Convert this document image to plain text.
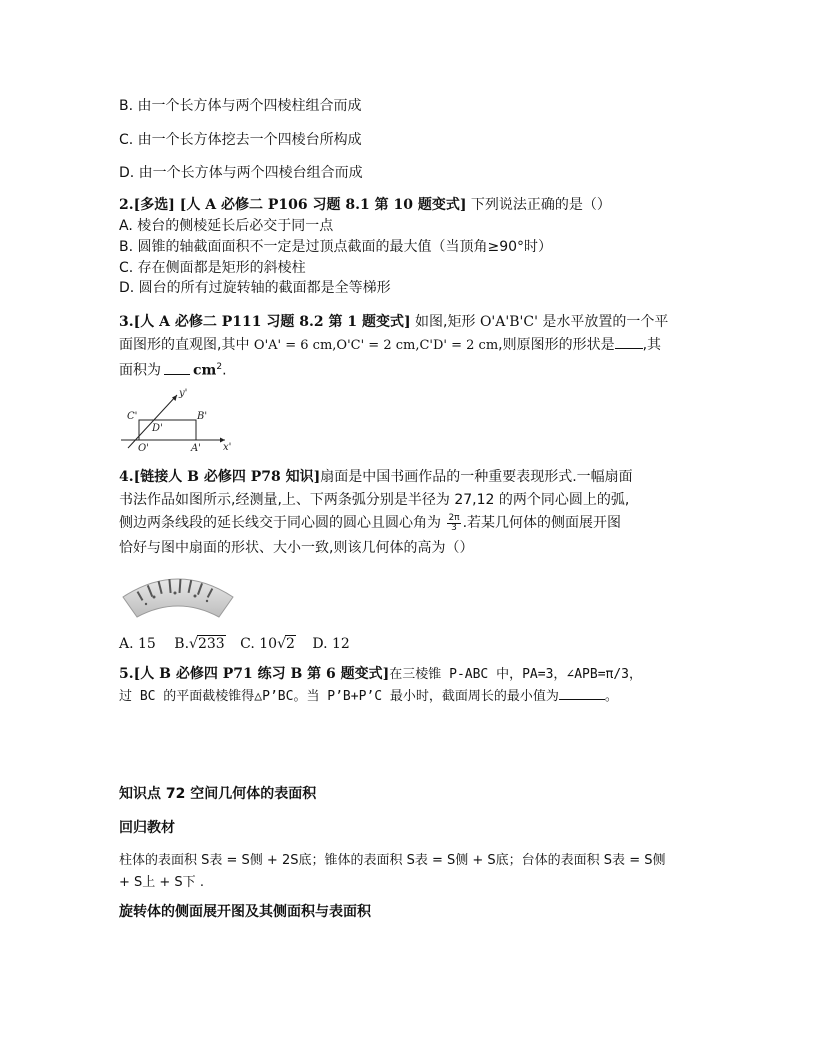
B. 由一个长方体与两个四棱柱组合而成
C. 由一个长方体挖去一个四棱台所构成
D. 由一个长方体与两个四棱台组合而成
2.[多选] [人 A 必修二 P106 习题 8.1 第 10 题变式] 下列说法正确的是（）
A. 棱台的侧棱延长后必交于同一点
B. 圆锥的轴截面面积不一定是过顶点截面的最大值（当顶角≥90°时）
C. 存在侧面都是矩形的斜棱柱
D. 圆台的所有过旋转轴的截面都是全等梯形
3.[人 A 必修二 P111 习题 8.2 第 1 题变式] 如图,矩形 O'A'B'C' 是水平放置的一个平
面图形的直观图,其中 O'A' = 6 cm,O'C' = 2 cm,C'D' = 2 cm,则原图形的形状是 ,其
面积为 $cm^2$.
y'
C'	B'
D'
O'	A' x'
4.[链接人 B 必修四 P78 知识]扇面是中国书画作品的一种重要表现形式.一幅扇面
书法作品如图所示,经测量,上、下两条弧分别是半径为 27,12 的两个同心圆上的弧,
侧边两条线段的延长线交于同心圆的圆心且圆心角为 $\frac{2\pi}{3}$ .若某几何体的侧面展开图
恰好与图中扇面的形状、大小一致,则该几何体的高为（）
A. 15 B.√233 C. 10√2 D. 12
5.[人 B 必修四 P71 练习 B 第 6 题变式]在三棱锥 P-ABC 中，PA=3，∠APB=π/3，
过 BC 的平面截棱锥得△P’BC。当 P’B+P’C 最小时，截面周长的最小值为	。
知识点 72 空间几何体的表面积
回归教材
柱体的表面积 S表 = S侧 + 2S底；锥体的表面积 S表 = S侧 + S底；台体的表面积 S表 = S侧
+ S上 + S下 .
旋转体的侧面展开图及其侧面积与表面积
